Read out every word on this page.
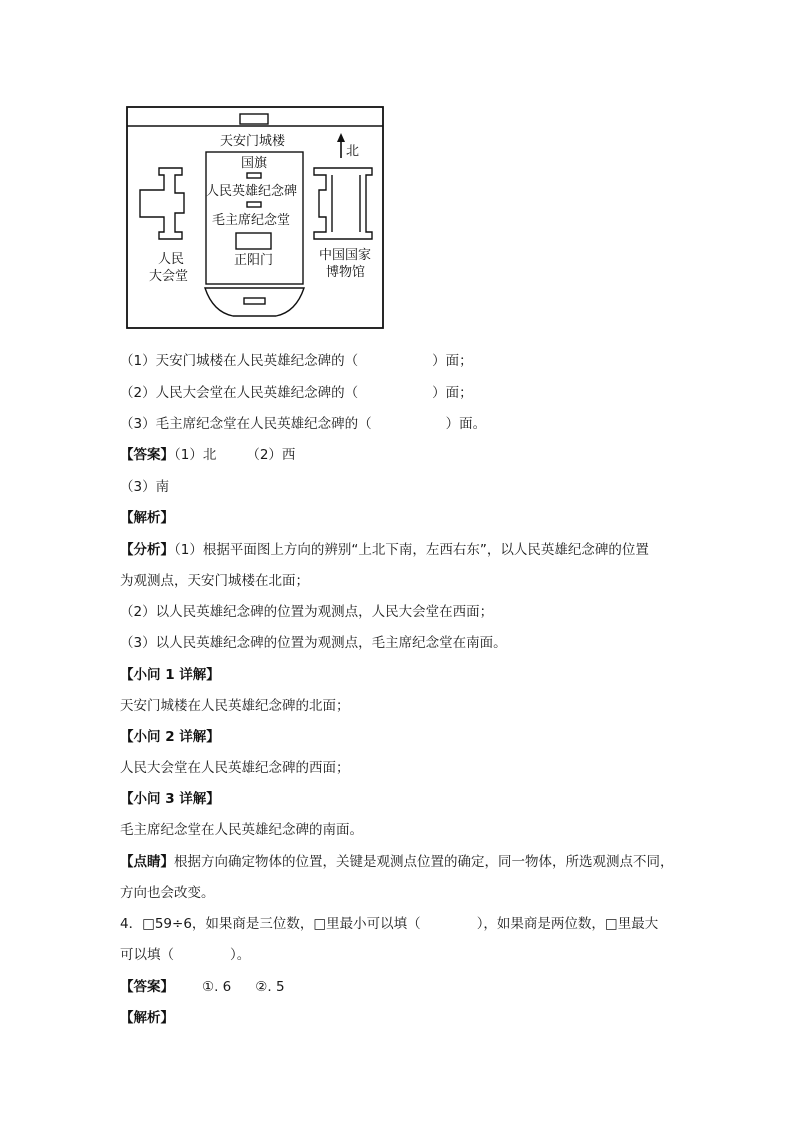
天安门城楼
北
国旗
人民英雄纪念碑
毛主席纪念堂
正阳门
人民
大会堂
中国国家
博物馆
（1）天安门城楼在人民英雄纪念碑的（	）面；
（2）人民大会堂在人民英雄纪念碑的（	）面；
（3）毛主席纪念堂在人民英雄纪念碑的（	）面。
【答案】（1）北 （2）西
（3）南
【解析】
【分析】（1）根据平面图上方向的辨别“上北下南，左西右东”，以人民英雄纪念碑的位置
为观测点，天安门城楼在北面；
（2）以人民英雄纪念碑的位置为观测点，人民大会堂在西面；
（3）以人民英雄纪念碑的位置为观测点，毛主席纪念堂在南面。
【小问 1 详解】
天安门城楼在人民英雄纪念碑的北面；
【小问 2 详解】
人民大会堂在人民英雄纪念碑的西面；
【小问 3 详解】
毛主席纪念堂在人民英雄纪念碑的南面。
【点睛】根据方向确定物体的位置，关键是观测点位置的确定，同一物体，所选观测点不同，
方向也会改变。
4．□59÷6，如果商是三位数，□里最小可以填（	），如果商是两位数，□里最大
可以填（	）。
【答案】 ①. 6 ②. 5
【解析】
